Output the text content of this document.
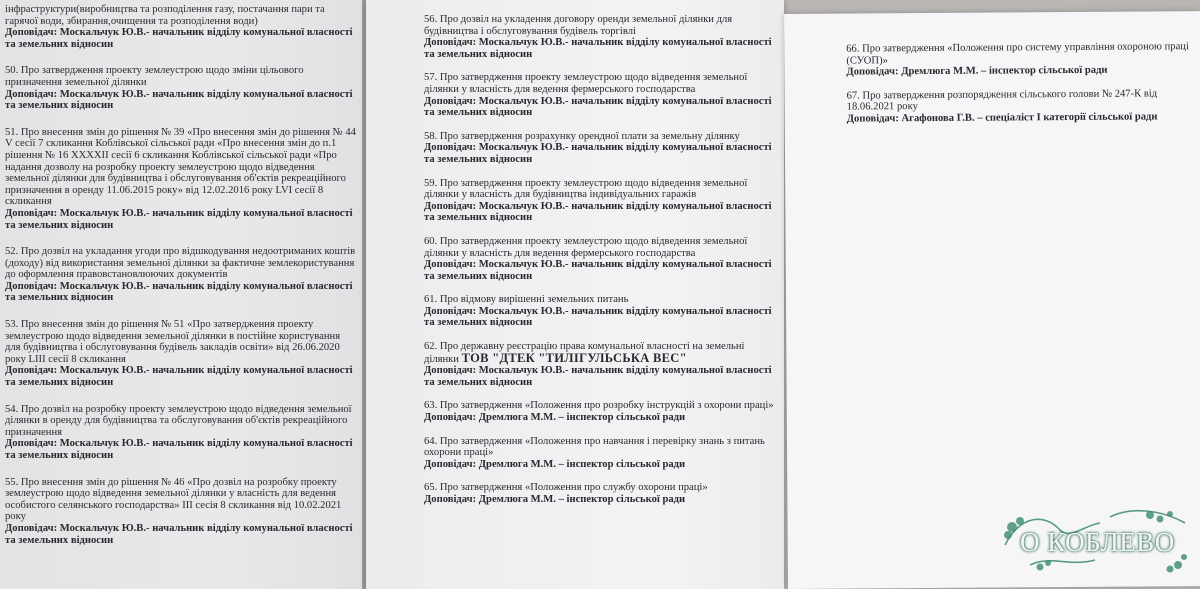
інфраструктури(виробництва та розподілення газу, постачання пари та гарячої води, збирання,очищення та розподілення води)
Доповідач: Москальчук Ю.В.- начальник відділу комунальної власності та земельних відносин
50. Про затвердження проекту землеустрою щодо зміни цільового призначення земельної ділянки
Доповідач: Москальчук Ю.В.- начальник відділу комунальної власності та земельних відносин
51. Про внесення змін до рішення № 39 «Про внесення змін до рішення № 44 V сесії 7 скликання Коблівської сільської ради «Про внесення змін до п.1 рішення № 16 ХХХXII сесії 6 скликання Коблівської сільської ради «Про надання дозволу на розробку проекту землеустрою щодо відведення земельної ділянки для будівництва і обслуговування об'єктів рекреаційного призначення в оренду 11.06.2015 року» від 12.02.2016 року LVI сесії 8 скликання
Доповідач: Москальчук Ю.В.- начальник відділу комунальної власності та земельних відносин
52. Про дозвіл на укладання угоди про відшкодування недоотриманих коштів (доходу) від використання земельної ділянки за фактичне землекористування до оформлення правовстановлюючих документів
Доповідач: Москальчук Ю.В.- начальник відділу комунальної власності та земельних відносин
53. Про внесення змін до рішення № 51 «Про затвердження проекту землеустрою щодо відведення земельної ділянки в постійне користування для будівництва і обслуговування будівель закладів освіти» від 26.06.2020 року LIII сесії 8 скликання
Доповідач: Москальчук Ю.В.- начальник відділу комунальної власності та земельних відносин
54. Про дозвіл на розробку проекту землеустрою щодо відведення земельної ділянки в оренду для будівництва та обслуговування об'єктів рекреаційного призначення
Доповідач: Москальчук Ю.В.- начальник відділу комунальної власності та земельних відносин
55. Про внесення змін до рішення № 46 «Про дозвіл на розробку проекту землеустрою щодо відведення земельної ділянки у власність для ведення особистого селянського господарства» III сесія 8 скликання від 10.02.2021 року
Доповідач: Москальчук Ю.В.- начальник відділу комунальної власності та земельних відносин
56. Про дозвіл на укладення договору оренди земельної ділянки для будівництва і обслуговування будівель торгівлі
Доповідач: Москальчук Ю.В.- начальник відділу комунальної власності та земельних відносин
57. Про затвердження проекту землеустрою щодо відведення земельної ділянки у власність для ведення фермерського господарства
Доповідач: Москальчук Ю.В.- начальник відділу комунальної власності та земельних відносин
58. Про затвердження розрахунку орендної плати за земельну ділянку
Доповідач: Москальчук Ю.В.- начальник відділу комунальної власності та земельних відносин
59. Про затвердження проекту землеустрою щодо відведення земельної ділянки у власність для будівництва індивідуальних гаражів
Доповідач: Москальчук Ю.В.- начальник відділу комунальної власності та земельних відносин
60. Про затвердження проекту землеустрою щодо відведення земельної ділянки у власність для ведення фермерського господарства
Доповідач: Москальчук Ю.В.- начальник відділу комунальної власності та земельних відносин
61. Про відмову вирішенні земельних питань
Доповідач: Москальчук Ю.В.- начальник відділу комунальної власності та земельних відносин
62. Про державну реєстрацію права комунальної власності на земельні ділянки ТОВ "ДТЕК "ТИЛІГУЛЬСЬКА ВЕС"
Доповідач: Москальчук Ю.В.- начальник відділу комунальної власності та земельних відносин
63. Про затвердження «Положення про розробку інструкцій з охорони праці»
Доповідач: Дремлюга М.М. – інспектор сільської ради
64. Про затвердження «Положення про навчання і перевірку знань з питань охорони праці»
Доповідач: Дремлюга М.М. – інспектор сільської ради
65. Про затвердження «Положення про службу охорони праці»
Доповідач: Дремлюга М.М. – інспектор сільської ради
66. Про затвердження «Положення про систему управління охороною праці (СУОП)»
Доповідач: Дремлюга М.М. – інспектор сільської ради
67. Про затвердження розпорядження сільського голови № 247-К від 18.06.2021 року
Доповідач: Агафонова Г.В. – спеціаліст І категорії сільської ради
О КОБЛЕВО
